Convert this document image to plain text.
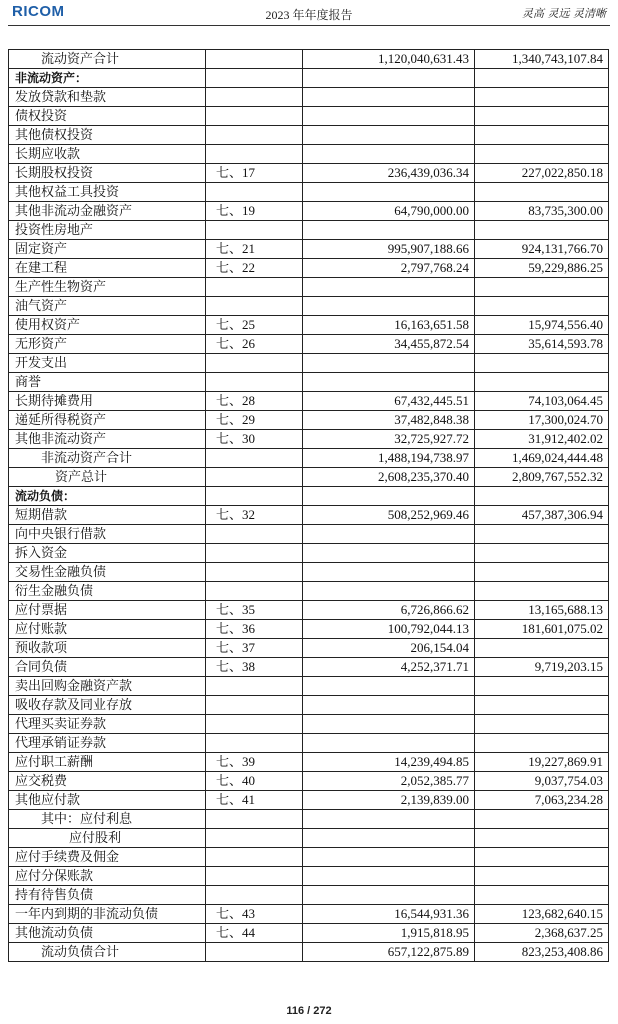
RICOM	2023 年年度报告	灵高 灵远 灵清晰
流动资产合计		1,120,040,631.43	1,340,743,107.84
非流动资产：			
发放贷款和垫款			
债权投资			
其他债权投资			
长期应收款			
长期股权投资	七、17	236,439,036.34	227,022,850.18
其他权益工具投资			
其他非流动金融资产	七、19	64,790,000.00	83,735,300.00
投资性房地产			
固定资产	七、21	995,907,188.66	924,131,766.70
在建工程	七、22	2,797,768.24	59,229,886.25
生产性生物资产			
油气资产			
使用权资产	七、25	16,163,651.58	15,974,556.40
无形资产	七、26	34,455,872.54	35,614,593.78
开发支出			
商誉			
长期待摊费用	七、28	67,432,445.51	74,103,064.45
递延所得税资产	七、29	37,482,848.38	17,300,024.70
其他非流动资产	七、30	32,725,927.72	31,912,402.02
非流动资产合计		1,488,194,738.97	1,469,024,444.48
资产总计		2,608,235,370.40	2,809,767,552.32
流动负债：			
短期借款	七、32	508,252,969.46	457,387,306.94
向中央银行借款			
拆入资金			
交易性金融负债			
衍生金融负债			
应付票据	七、35	6,726,866.62	13,165,688.13
应付账款	七、36	100,792,044.13	181,601,075.02
预收款项	七、37	206,154.04	
合同负债	七、38	4,252,371.71	9,719,203.15
卖出回购金融资产款			
吸收存款及同业存放			
代理买卖证券款			
代理承销证券款			
应付职工薪酬	七、39	14,239,494.85	19,227,869.91
应交税费	七、40	2,052,385.77	9,037,754.03
其他应付款	七、41	2,139,839.00	7,063,234.28
其中：应付利息			
应付股利			
应付手续费及佣金			
应付分保账款			
持有待售负债			
一年内到期的非流动负债	七、43	16,544,931.36	123,682,640.15
其他流动负债	七、44	1,915,818.95	2,368,637.25
流动负债合计		657,122,875.89	823,253,408.86
116 / 272
